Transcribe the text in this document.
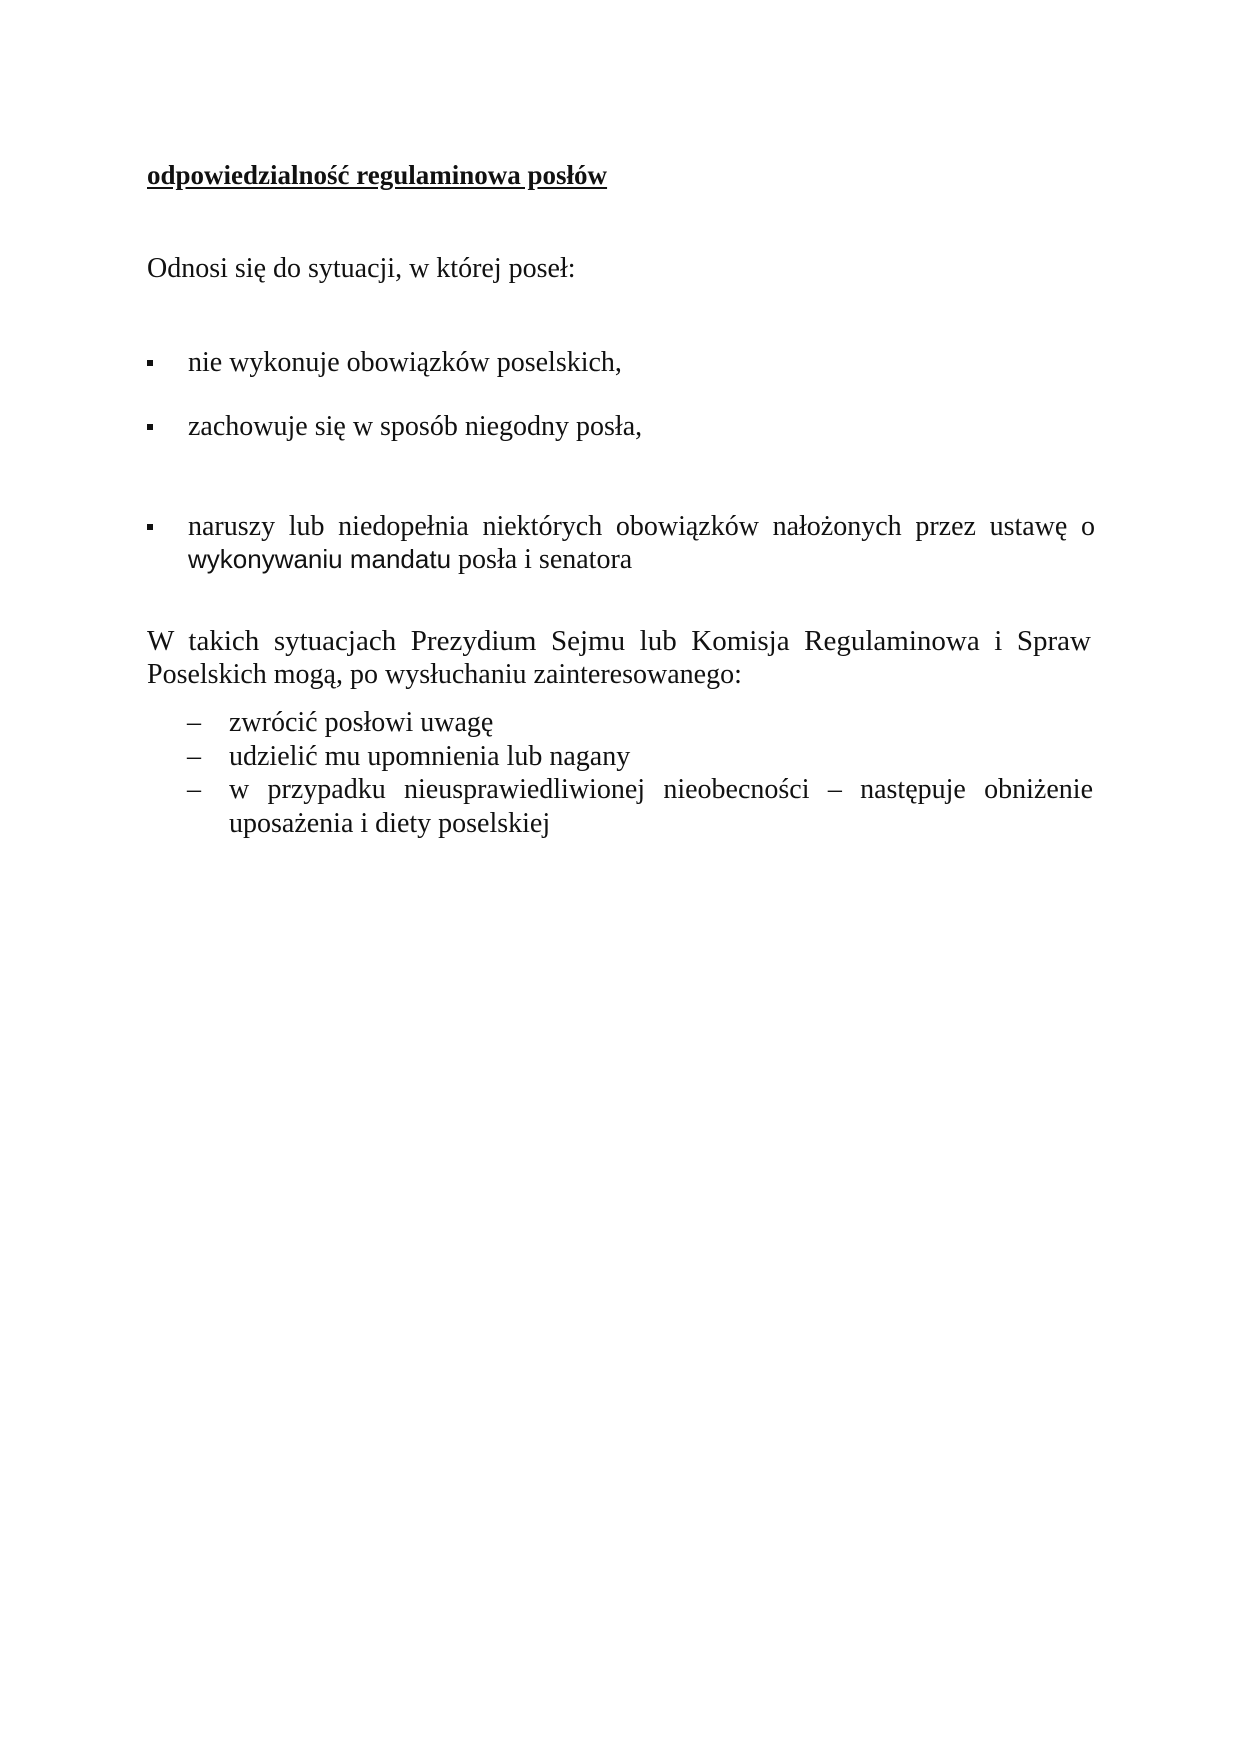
odpowiedzialność regulaminowa posłów
Odnosi się do sytuacji, w której poseł:
nie wykonuje obowiązków poselskich,
zachowuje się w sposób niegodny posła,
naruszy lub niedopełnia niektórych obowiązków nałożonych przez ustawę o wykonywaniu mandatu posła i senatora
W takich sytuacjach Prezydium Sejmu lub Komisja Regulaminowa i Spraw
Poselskich mogą, po wysłuchaniu zainteresowanego:
– zwrócić posłowi uwagę
– udzielić mu upomnienia lub nagany
– w przypadku nieusprawiedliwionej nieobecności – następuje obniżenie uposażenia i diety poselskiej
